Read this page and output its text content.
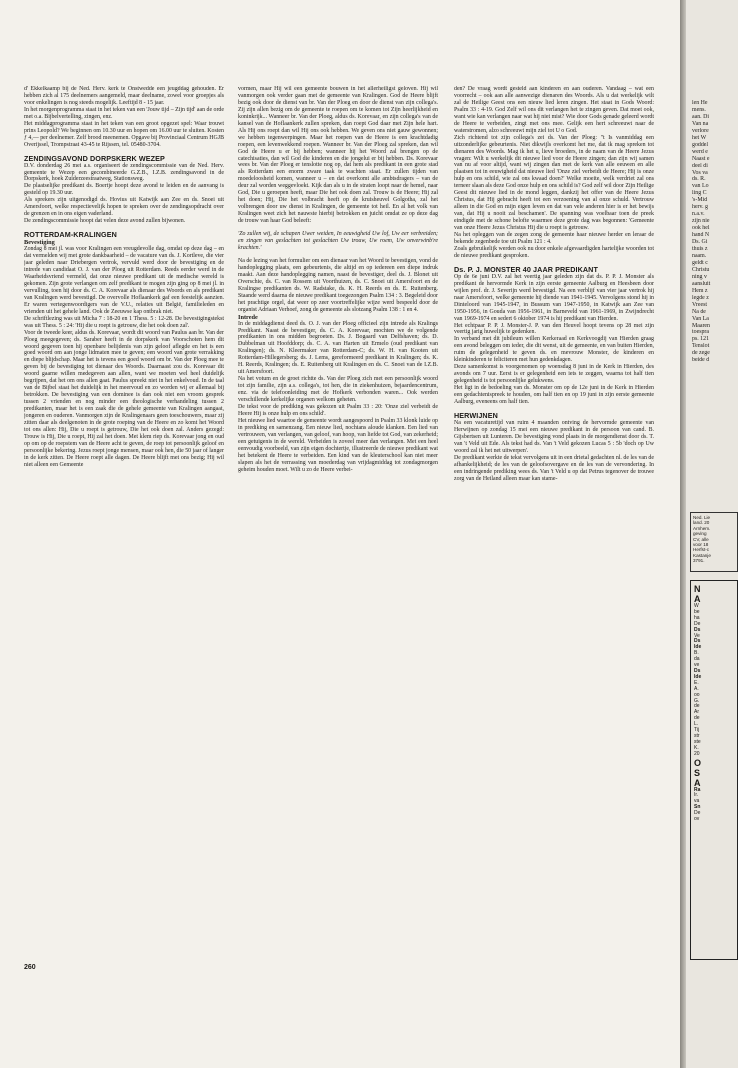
d' Ekkelkaamp bij de Ned. Herv. kerk te Onstwedde een jeugddag gehouden. Er hebben zich al 175 deelnemers aangemeld, maar deelname, zowel voor groepjes als voor enkelingen is nog steeds mogelijk. Leeftijd 8 - 15 jaar.

In het morgenprogramma staat in het teken van een 'Jouw tijd – Zijn tijd' aan de orde met o.a. Bijbelvertelling, zingen, enz.

Het middagprogramma staat in het teken van een groot opgezet spel: Waar trouwt prins Leopold? We beginnen om 10.30 uur en hopen om 16.00 uur te sluiten. Kosten ƒ 4,— per deelnemer. Zelf brood meenemen. Opgave bij Provinciaal Centrum HGJB Overijssel, Trompstraat 43-45 te Rijssen, tel. 05480-3704.

ZENDINGSAVOND DORPSKERK WEZEP

D.V. donderdag 26 mei a.s. organiseert de zendingscommissie van de Ned. Herv. gemeente te Wezep een gecombineerde G.Z.B., I.Z.B. zendingsavond in de Dorpskerk, hoek Zuiderzeestraatweg, Stationsweg.

De plaatselijke predikant ds. Boertje hoopt deze avond te leiden en de aanvang is gesteld op 19.30 uur.

Als sprekers zijn uitgenodigd ds. Hovius uit Katwijk aan Zee en ds. Snoei uit Amersfoort, welke respectievelijk hopen te spreken over de zendingsopdracht over de grenzen en in ons eigen vaderland.

De zendingscommissie hoopt dat velen deze avond zullen bijwonen.

ROTTERDAM-KRALINGEN
Bevestiging

Zondag 8 mei jl. was voor Kralingen een vreugdevolle dag, omdat op deze dag – en dat vermelden wij met grote dankbaarheid – de vacature van ds. J. Kortleve, die vier jaar geleden naar Driebergen vertrok, vervuld werd door de bevestiging en de intrede van candidaat O. J. van der Ploeg uit Rotterdam. Reeds eerder werd in de Waarheidsvriend vermeld, dat onze nieuwe predikant uit de medische wereld is gekomen. Zijn grote verlangen om zelf predikant te mogen zijn ging op 8 mei jl. in vervulling, toen hij door ds. C. A. Korevaar als dienaar des Woords en als predikant van Kralingen werd bevestigd. De overvolle Hoflaankerk gaf een feestelijk aanzien. Er waren vertegenwoordigers van de V.U., relaties uit België, familieleden en vrienden uit het gehele land. Ook de Zeeuwse kap ontbrak niet.

De schriftlezing was uit Micha 7 : 18-20 en 1 Thess. 5 : 12-28. De bevestigingstekst was uit Thess. 5 : 24: 'Hij die u roept is getrouw, die het ook doen zal'.

Voor de tweede keer, aldus ds. Korevaar, wordt dit woord van Paulus aan br. Van der Ploeg meegegeven; ds. Saraber heeft in de dorpskerk van Voorschoten hem dit woord gegeven toen hij openbare belijdenis van zijn geloof aflegde en het is een goed woord om aan jonge lidmaten mee te geven; een woord van grote verrakking en diepe blijdschap. Maar het is tevens een goed woord om br. Van der Ploeg mee te geven bij de bevestiging tot dienaar des Woords. Daarnaast zou ds. Korevaar dit woord gaarne willen medegeven aan allen, want we moeten wel heel duidelijk begrijpen, dat het om ons allen gaat. Paulus spreekt niet in het enkelvoud. In de taal van de Bijbel staat het duidelijk in het meervoud en zo worden wij er allemaal bij betrokken. De bevestiging van een dominee is dan ook niet een vroom gesprek tussen 2 vrienden en nog minder een theologische verhandeling tussen 2 predikanten, maar het is een zaak die de gehele gemeente van Kralingen aangaat, jongeren en ouderen. Vanmorgen zijn de Kralingenaars geen toeschouwers, maar zij zitten daar als deelgenoten in de grote roeping van de Heere en zo komt het Woord tot ons allen: Hij, Die u roept is getrouw, Die het ook doen zal. Anders gezegd: Trouw is Hij, Die u roept, Hij zal het doen. Met klem riep ds. Korevaar jong en oud op om op de roepstem van de Heere acht te geven, de roep tot persoonlijk geloof en persoonlijke bekering. Jezus roept jonge mensen, maar ook hen, die 50 jaar of langer in de kerk zitten. De Heere roept alle dagen. De Heere blijft met ons bezig; Hij wil niet alleen een Gemeente

vormen, maar Hij wil een gemeente bouwen in het allerheiligst geloven. Hij wil vanmorgen ook verder gaan met de gemeente van Kralingen. God de Heere blijft bezig ook door de dienst van br. Van der Ploeg en door de dienst van zijn collega's. Zij zijn allen bezig om de gemeente te roepen om te komen tot Zijn heerlijkheid en koninkrijk... Wanneer br. Van der Ploeg, aldus ds. Korevaar, en zijn collega's van de kansel van de Hoflaankerk zullen spreken, dan roept God daar met Zijn hele hart. Als Hij ons roept dan wil Hij ons ook hebben. We geven ons niet gauw gewonnen; we hebben tegenwerpingen. Maar het roepen van de Heere is een krachtdadig roepen, een levenwekkend roepen. Wanneer br. Van der Ploeg zal spreken, dan wil God de Heere u er bij hebben; wanneer hij het Woord zal brengen op de catechisaties, dan wil God die kinderen en die jongelui er bij hebben. Ds. Korevaar wees br. Van der Ploeg er tenslotte nog op, dat hem als predikant in een grote stad als Rotterdam een enorm zware taak te wachten staat. Er zullen tijden van moedeloosheid komen, wanneer u – en dat overkomt alle ambtsdragers – van de deur zal worden weggevloekt. Kijk dan als u in de straten loopt naar de hemel, naar God, Die u geroepen heeft, maar Die het ook doen zal. Trouw is de Heere; Hij zal het doen; Hij, Die het volbracht heeft op de kruisheuvel Golgotha, zal het volbrengen door uw dienst in Kralingen, de gemeente tot heil. En al het volk van Kralingen weet zich het nauwste hierbij betrokken en juicht omdat ze op deze dag de trouw van haar God beleeft:

'Zo zullen wij, de schapen Uwer weiden, In eeuwigheid Uw lof, Uw eer verbreiden; en zingen van geslachten tot geslachten Uw trouw, Uw roem, Uw onverwinb're krachten.'

Na de lezing van het formulier om een dienaar van het Woord te bevestigen, vond de handoplegging plaats, een gebeurtenis, die altijd en op iedereen een diepe indruk maakt. Aan deze handoplegging namen, naast de bevestiger, deel ds. J. Blonet uit Overschie, ds. C. van Rossem uit Voorthuizen, ds. C. Snoei uit Amersfoort en de Kralingse predikanten ds. W. Radstake, ds. K. H. Reerds en ds. E. Ruitenberg. Staande werd daarna de nieuwe predikant toegezongen Psalm 134 : 3. Begeleid door het prachtige orgel, dat weer op zeer voortreffelijke wijze werd bespeeld door de organist Adriaan Verhoef, zong de gemeente als slotzang Psalm 138 : 1 en 4.

Intrede

In de middagdienst deed ds. O. J. van der Ploeg officieel zijn intrede als Kralings Predikant. Naast de bevestiger, ds. C. A. Korevaar, mochten we de volgende predikanten in ons midden begroeten. Ds. J. Bogaard van Delfshaven; ds. D. Dubbelman uit Hoofddorp; ds. C. A. van Harten uit Ermelo (oud predikant van Kralingen); ds. N. Kleermaker van Rotterdam-C; ds. W. H. van Kooten uit Rotterdam-Hillegersberg; ds. J. Lems, gereformeerd predikant in Kralingen; ds. K. H. Reerds, Kralingen; ds. E. Ruitenberg uit Kralingen en ds. C. Snoei van de I.Z.B. uit Amersfoort.

Na het votum en de groet richtte ds. Van der Ploeg zich met een persoonlijk woord tot zijn familie, zijn a.s. collega's, tot hen, die in ziekenhuizen, bejaardencentrum, enz. via de telefoonleiding met de Hofkerk verbonden waren... Ook werden verschillende kerkelijke organen welkom geheten.

De tekst voor de prediking was gekozen uit Psalm 33 : 20: 'Onze ziel verbeidt de Heere Hij is onze hulp en ons schild'.

Het nieuwe lied waartoe de gemeente wordt aangespoord in Psalm 33 klonk luide op in prediking en samenzang. Een nieuw lied, nochtans aloude klanken. Een lied van vertrouwen, van verlangen, van geloof, van hoop, van liefde tot God, van zekerheid; een getuigenis in de wereld. Verbeiden is zoveel meer dan verlangen. Met een heel eenvoudig voorbeeld, van zijn eigen dochtertje, illustreerde de nieuwe predikant wat het betekent de Heere te verbeiden. Een kind van de kleuterschool kan niet meer slapen als het de verrassing van moederdag van vrijdagmiddag tot zondagmorgen geheim houden moet. Wilt u zo de Heere verbei-

den? De vraag wordt gesteld aan kinderen en aan ouderen. Vandaag – wat een voorrecht – ook aan alle aanwezige dienaren des Woords. Als u dat werkelijk wilt zal de Heilige Geest ons een nieuw lied leren zingen. Het staat in Gods Woord: Psalm 33 : 4-19. God Zelf wil ons dit verlangen het te zingen geven. Dat moet ook, want wie kan verlangen naar wat hij niet mist? Wie door Gods genade geleerd wordt de Heere te verbeiden, zingt met ons mee. Gelijk een hert schreeuwt naar de waterstromen, alzo schreeuwt mijn ziel tot U o God.

Zich richtend tot zijn collega's zei ds. Van der Ploeg: "t Is vanmiddag een uitzonderlijke gebeurtenis. Niet dikwijls overkomt het me, dat ik mag spreken tot dienaren des Woords. Mag ik het u, lieve broeders, in de naam van de Heere Jezus vragen: Wilt u werkelijk dit nieuwe lied voor de Heere zingen; dan zijn wij samen van nu af voor altijd, want wij zingen dan met de kerk van alle eeuwen en alle plaatsen tot in eeuwigheid dat nieuwe lied 'Onze ziel verbeidt de Heere; Hij is onze hulp en ons schild, wie zal ons kwaad doen?' Welke moeite, welk verdriet zal ons terneer slaan als deze God onze hulp en ons schild is? God zelf wil door Zijn Heilige Geest dit nieuwe lied in de mond leggen, dankzij het offer van de Heere Jezus Christus, dat Hij gebracht heeft tot een verzoening van al onze schuld. Vertrouw alleen in die God en mijn eigen leven en dat van vele anderen hier is er het bewijs van, dat Hij u nooit zal beschamen'. De spanning was voelbaar toen de preek eindigde met de schone belofte waarmee deze grote dag was begonnen: 'Gemeente van onze Heere Jezus Christus Hij die u roept is getrouw.

Na het opleggen van de zegen zong de gemeente haar nieuwe herder en leraar de bekende zegenbede toe uit Psalm 121 : 4.

Zoals gebruikelijk werden ook nu door enkele afgevaardigden hartelijke woorden tot de nieuwe predikant gesproken.

Ds. P. J. MONSTER 40 JAAR PREDIKANT

Op de 6e juni D.V. zal het veertig jaar geleden zijn dat ds. P. P. J. Monster als predikant de hervormde Kerk in zijn eerste gemeente Aalburg en Heesbeen door wijlen prof. dr. J. Severijn werd bevestigd. Na een verblijf van vier jaar vertrok hij naar Amersfoort, welke gemeente hij diende van 1941-1945. Vervolgens stond hij in Dinteloord van 1945-1947, in Bussum van 1947-1950, in Katwijk aan Zee van 1950-1956, in Gouda van 1956-1961, in Barneveld van 1961-1969, in Zwijndrecht van 1969-1974 en sedert 6 oktober 1974 is hij predikant van Hierden.

Het echtpaar P. P. J. Monster-J. P. van den Heuvel hoopt tevens op 28 mei zijn veertig jarig huwelijk te gedenken.

In verband met dit jubileum willen Kerkeraad en Kerkvoogdij van Hierden graag een avond beleggen om ieder, die dit wenst, uit de gemeente, en van buiten Hierden, ruim de gelegenheid te geven ds. en mevrouw Monster, de kinderen en kleinkinderen te feliciteren met hun gedenkdagen.

Deze samenkomst is voorgenomen op woensdag 8 juni in de Kerk in Hierden, des avonds om 7 uur. Eerst is er gelegenheid een iets te zeggen, waarna tot half tien gelegenheid is tot persoonlijke gelukwens.

Het ligt in de bedoeling van ds. Monster om op de 12e juni in de Kerk in Hierden een gedachtenispreek te houden, om half tien en op 19 juni in zijn eerste gemeente Aalburg, eveneens om half tien.

HERWIJNEN

Na een vacaturetijd van ruim 4 maanden ontving de hervormde gemeente van Herwijnen op zondag 15 mei een nieuwe predikant in de persoon van cand. B. Gijsbertsen uit Lunteren. De bevestiging vond plaats in de morgendienst door ds. T. van 't Veld uit Ede. Als tekst had ds. Van 't Veld gekozen Lucas 5 : 5b 'doch op Uw woord zal ik het net uitwerpen'.

De predikant werkte de tekst vervolgens uit in een drietal gedachten nl. de les van de afhankelijkheid; de les van de geloofsovergave en de les van de vervondering. In een indringende prediking wees ds. Van 't Veld u op dat Petrus tegenover de trouwe zorg van de Heiland alleen maar kan stame-

260
len He
mens.
aan. Di
Van na
verlore
het W
goddel
werd e
Naast e
deel di
Vos va
ds. R.
van Lo
ling C
's-Mid
herv. g
n.a.v.
zijn nie
ook hel
hand N
Ds. Gi
thuis z
naam.
geldt c
Christu
ning v
aansluit
Hem z
legde z
Vreest
Na de
Van La
Maaren
toespra
ps. 121
Tenslot
de zege
beide d
Ned. Lie
land. 20
Arnhem.
geving
CV, alle
voor 18
Herfst-c
Kastanje
3791.
N
A
W
be
ha
De
Ds
Ve
Ds
Ide
B.
da
ve
Ds
Ide
E.
A.
oo
G.
de
Ar
de
L.
Tij
str
ste
K.
20
O
S
A
Ra
Ir.
va
Sn
De
ov
